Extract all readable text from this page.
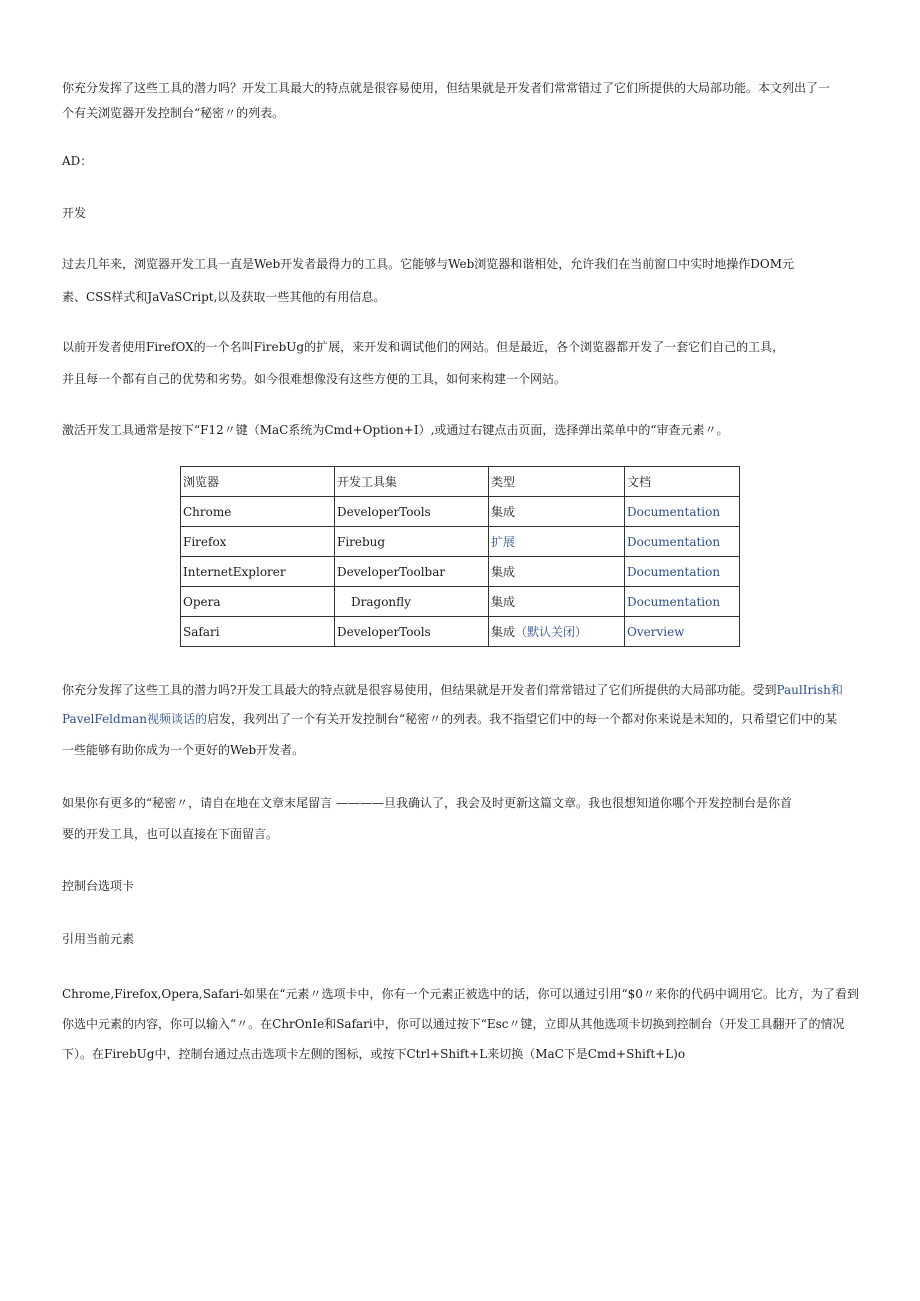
你充分发挥了这些工具的潜力吗？开发工具最大的特点就是很容易使用，但结果就是开发者们常常错过了它们所提供的大局部功能。本文列出了一
个有关浏览器开发控制台“秘密〃的列表。
AD：
开发
过去几年来，浏览器开发工具一直是Web开发者最得力的工具。它能够与Web浏览器和谐相处，允许我们在当前窗口中实时地操作DOM元
素、CSS样式和JaVaSCript,以及获取一些其他的有用信息。
以前开发者使用FirefOX的一个名叫FirebUg的扩展，来开发和调试他们的网站。但是最近，各个浏览器都开发了一套它们自己的工具，
并且每一个都有自己的优势和劣势。如今很难想像没有这些方便的工具，如何来构建一个网站。
激活开发工具通常是按下“F12〃键（MaC系统为Cmd+Option+I）,或通过右键点击页面，选择弹出菜单中的“审查元素〃。
浏览器	开发工具集	类型	文档
Chrome	DeveloperTools	集成	Documentation
Firefox	Firebug	扩展	Documentation
InternetExplorer	DeveloperToolbar	集成	Documentation
Opera	Dragonfly	集成	Documentation
Safari	DeveloperTools	集成（默认关闭）	Overview
你充分发挥了这些工具的潜力吗?开发工具最大的特点就是很容易使用，但结果就是开发者们常常错过了它们所提供的大局部功能。受到PaulIrish和
PavelFeldman视频谈话的启发，我列出了一个有关开发控制台“秘密〃的列表。我不指望它们中的每一个都对你来说是未知的，只希望它们中的某
一些能够有助你成为一个更好的Web开发者。
如果你有更多的“秘密〃，请自在地在文章末尾留言 ————旦我确认了，我会及时更新这篇文章。我也很想知道你哪个开发控制台是你首
要的开发工具，也可以直接在下面留言。
控制台选项卡
引用当前元素
Chrome,Firefox,Opera,Safari-如果在“元素〃选项卡中，你有一个元素正被选中的话，你可以通过引用“$0〃来你的代码中调用它。比方，为了看到
你选中元素的内容，你可以输入“〃。在ChrOnIe和Safari中，你可以通过按下“Esc〃键，立即从其他选项卡切换到控制台（开发工具翻开了的情况
下）。在FirebUg中，控制台通过点击选项卡左侧的图标，或按下Ctrl+Shift+L来切换（MaC下是Cmd+Shift+L)o
